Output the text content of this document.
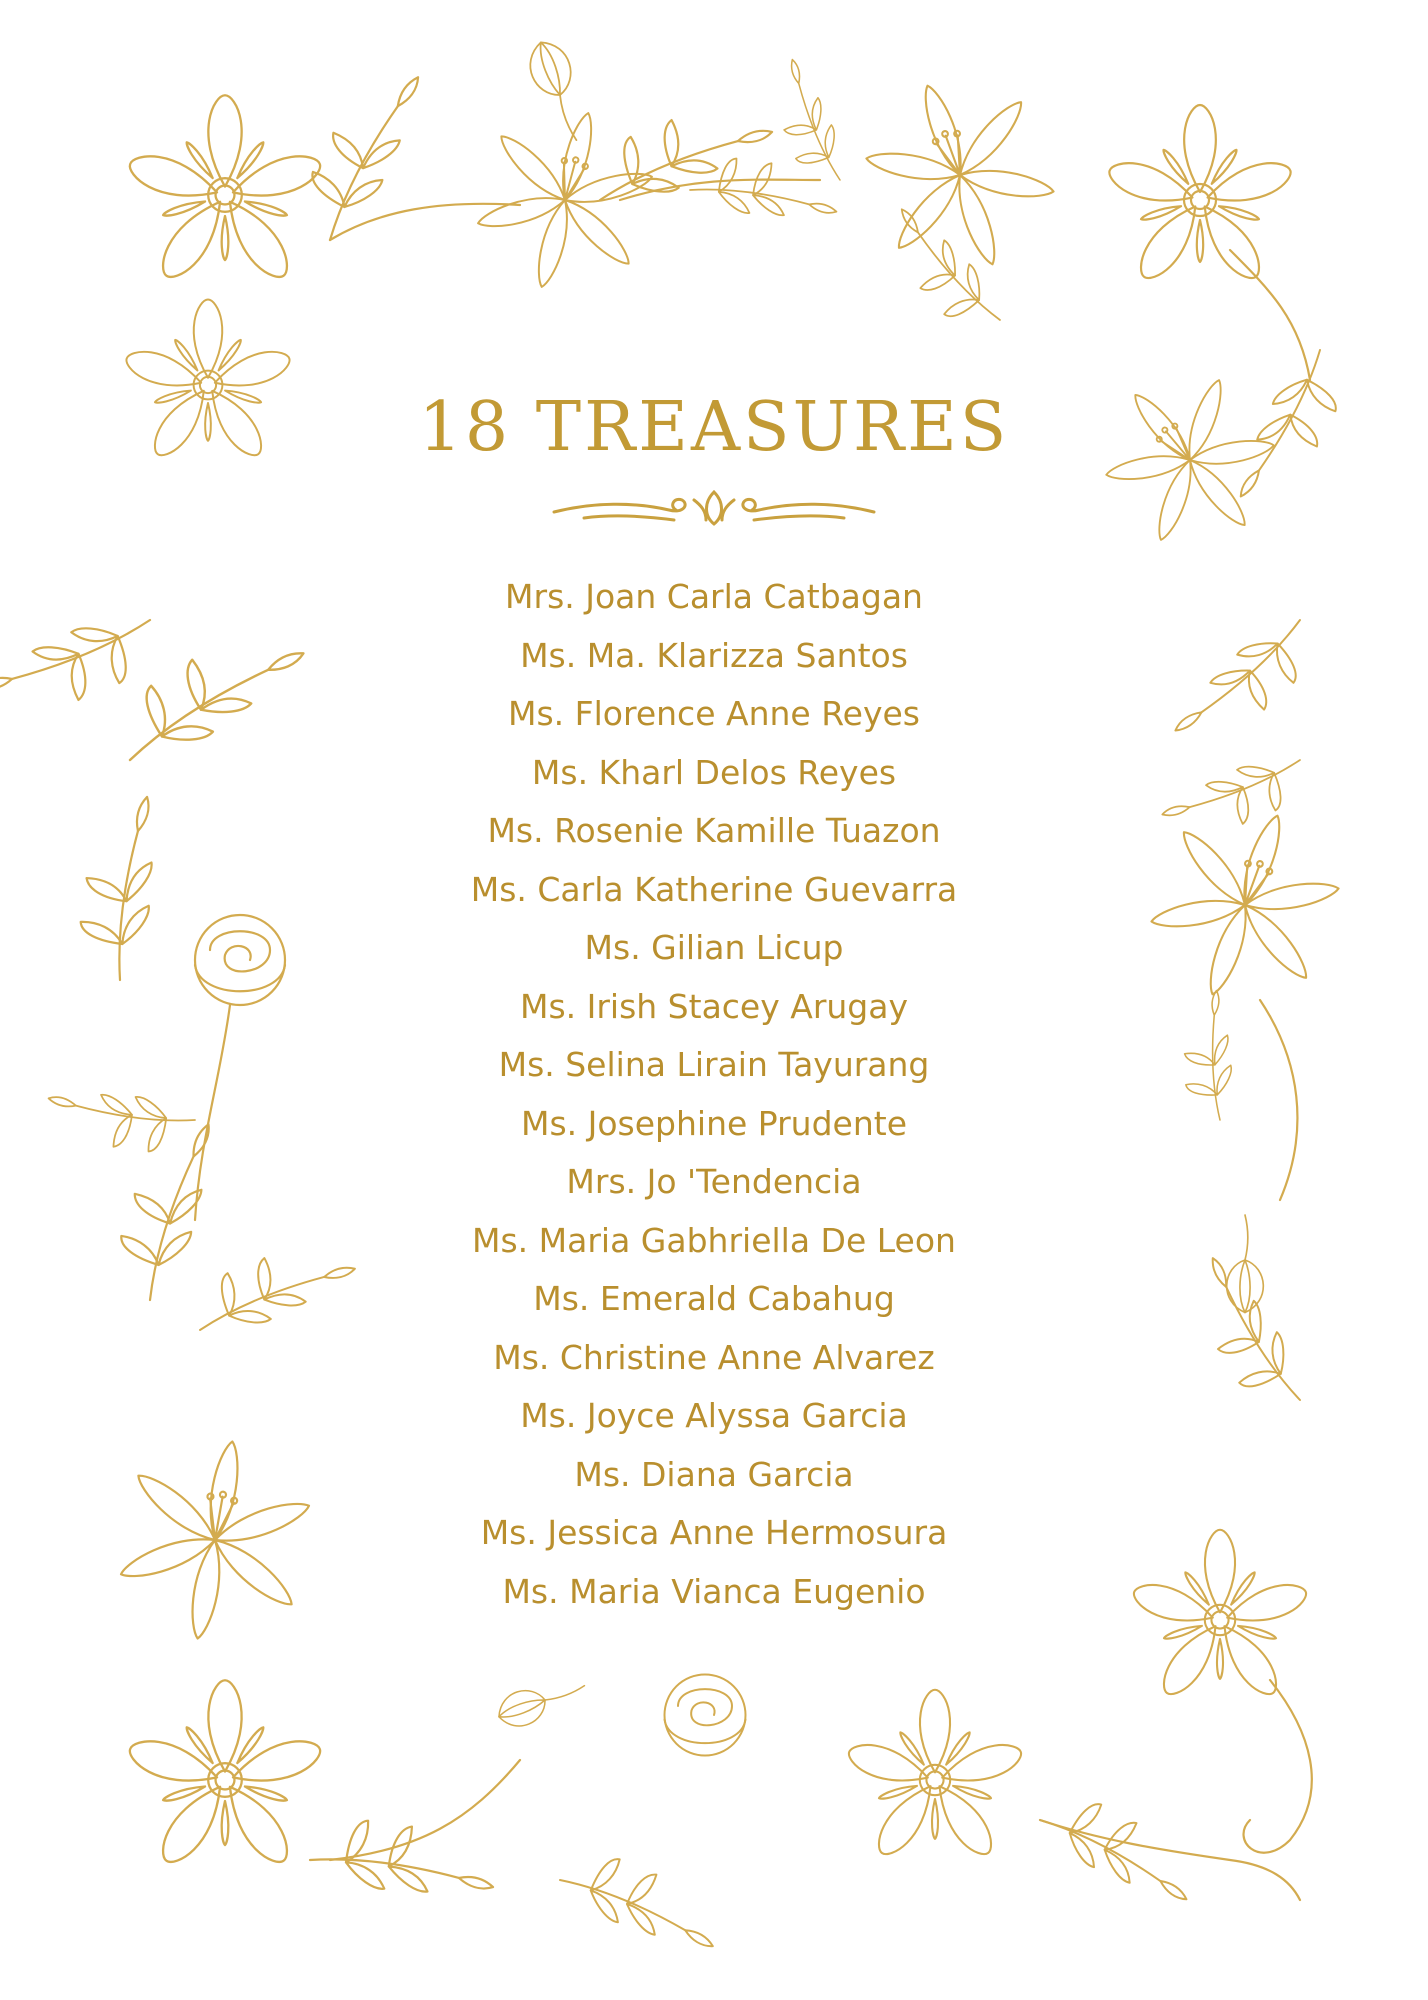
18 TREASURES
Mrs. Joan Carla Catbagan
Ms. Ma. Klarizza Santos
Ms. Florence Anne Reyes
Ms. Kharl Delos Reyes
Ms. Rosenie Kamille Tuazon
Ms. Carla Katherine Guevarra
Ms. Gilian Licup
Ms. Irish Stacey Arugay
Ms. Selina Lirain Tayurang
Ms. Josephine Prudente
Mrs. Jo 'Tendencia
Ms. Maria Gabhriella De Leon
Ms. Emerald Cabahug
Ms. Christine Anne Alvarez
Ms. Joyce Alyssa Garcia
Ms. Diana Garcia
Ms. Jessica Anne Hermosura
Ms. Maria Vianca Eugenio
